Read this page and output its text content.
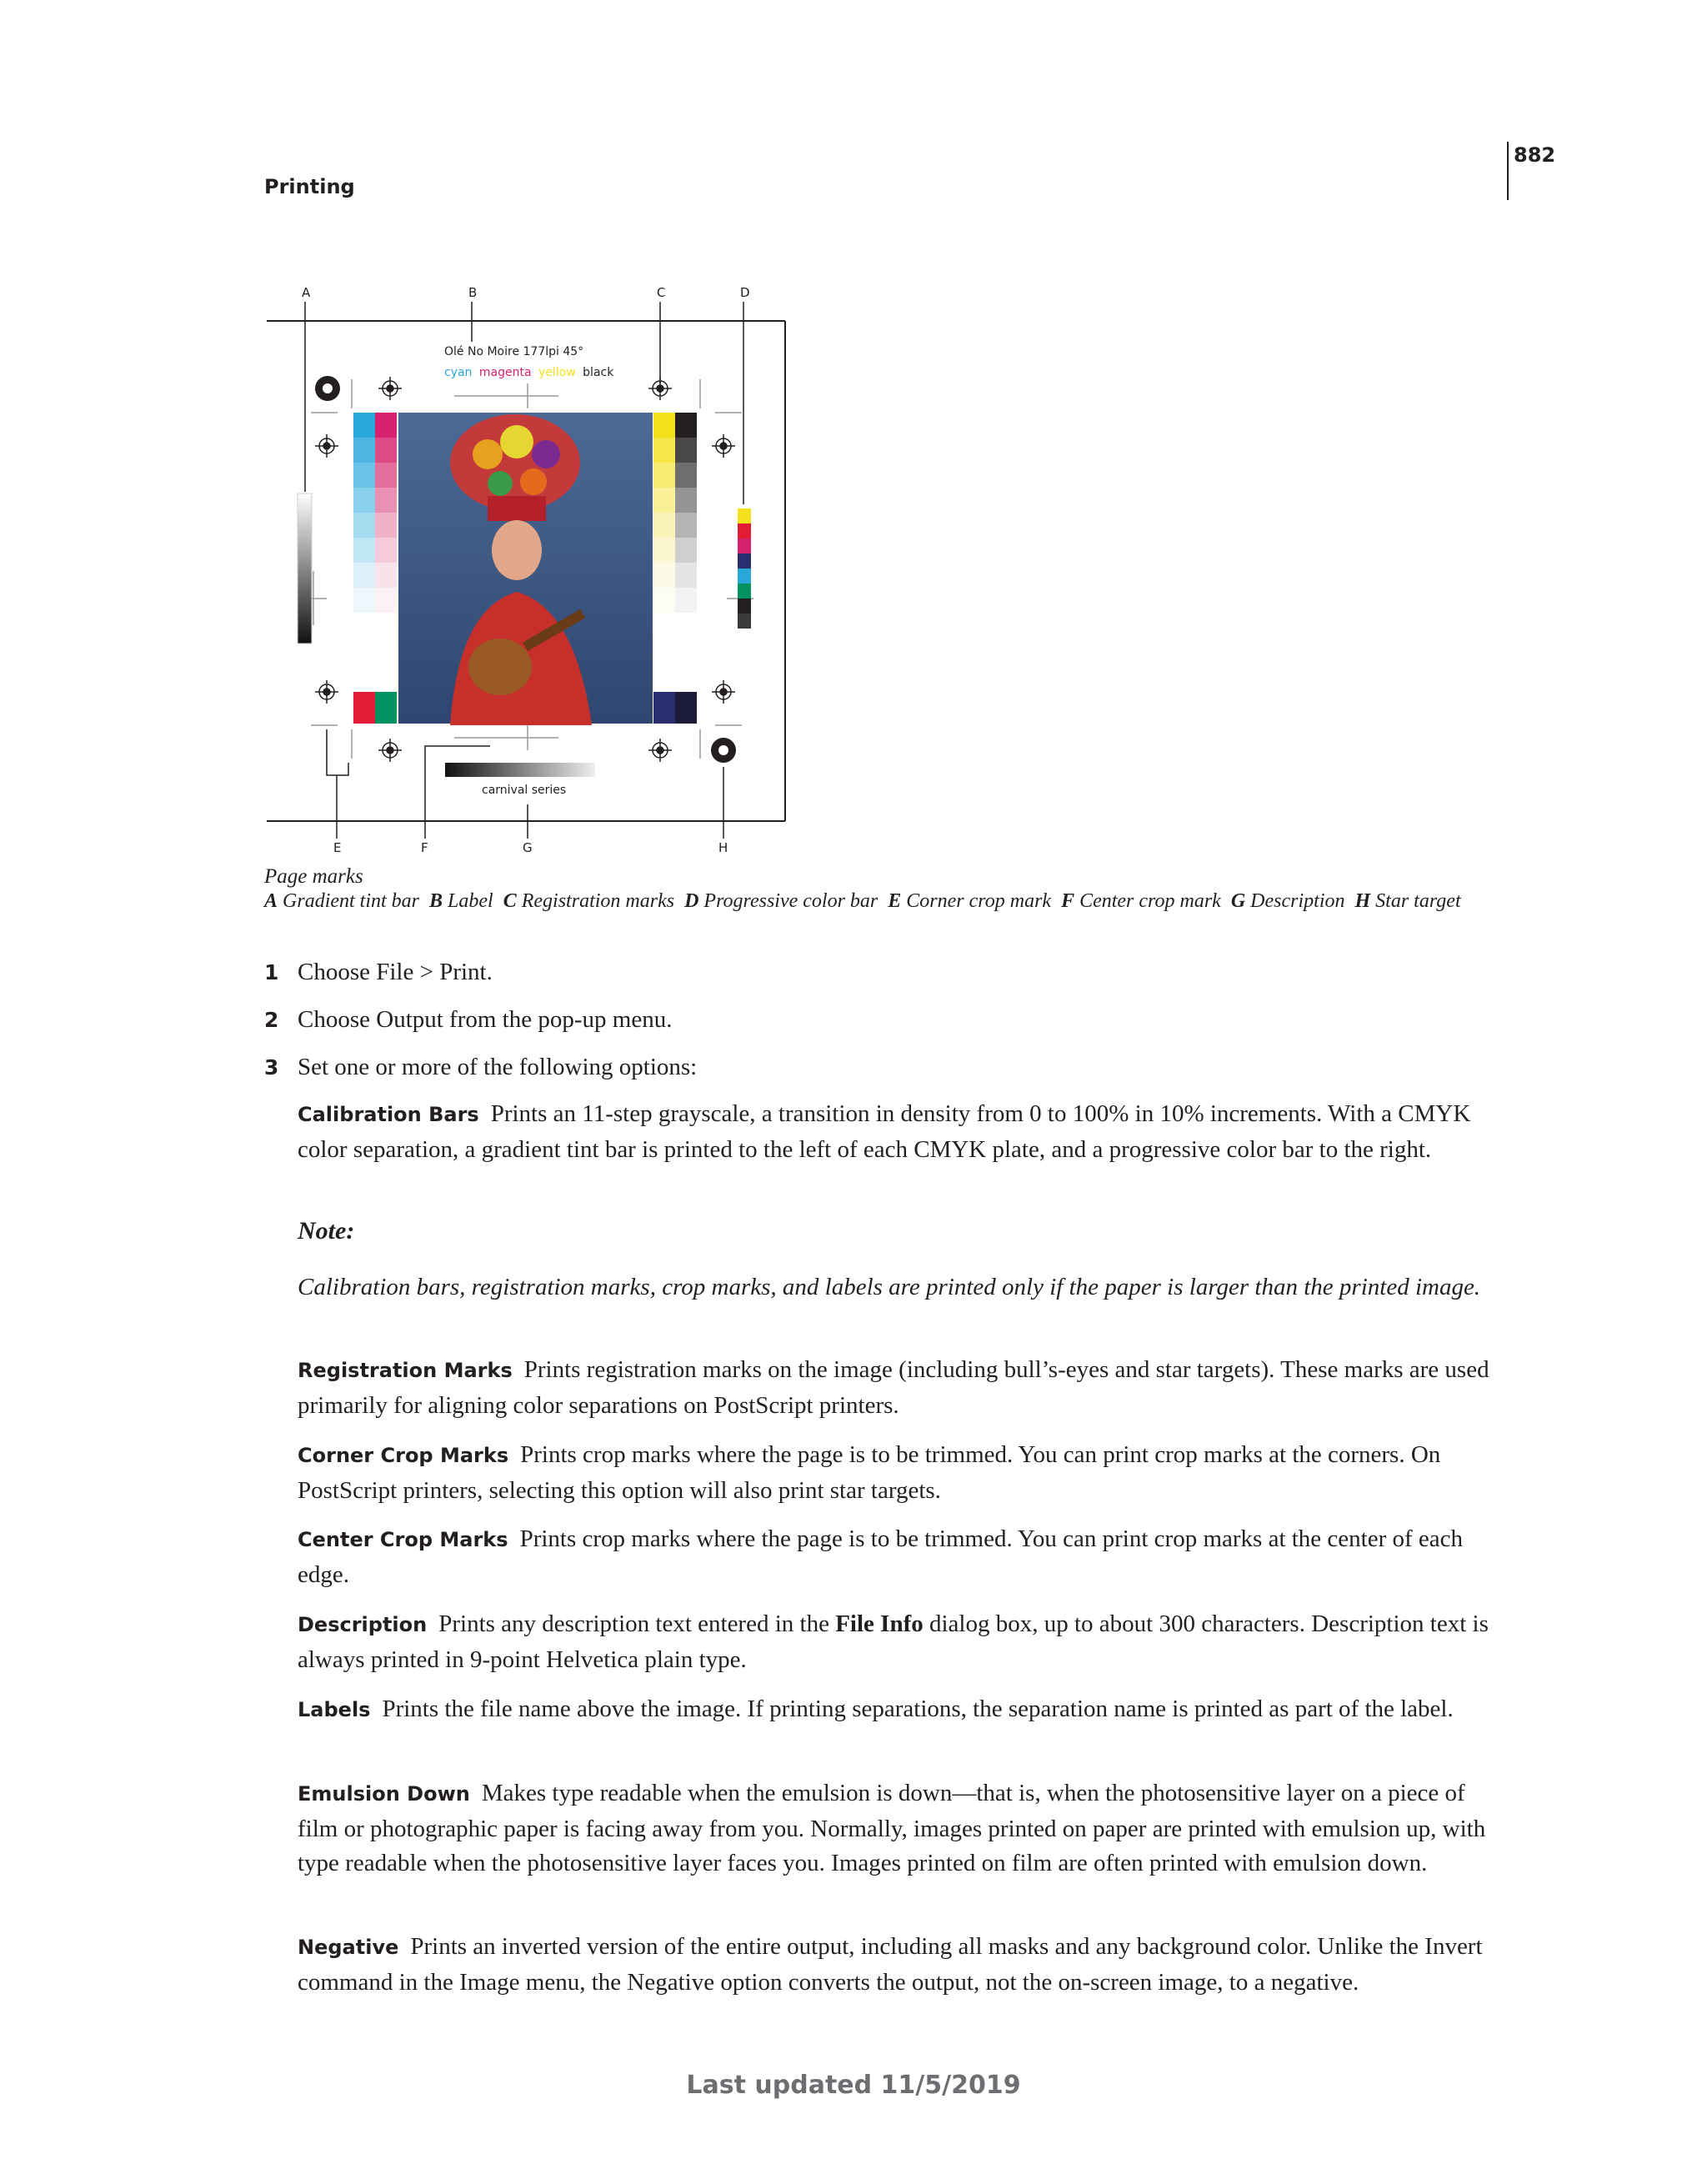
882
Printing
A	B	C	D
E	F	G	H
Olé No Moire 177lpi 45°
cyan magenta yellow black
carnival series
Page marks
A Gradient tint bar B Label C Registration marks D Progressive color bar E Corner crop mark F Center crop mark G Description H Star target
1 Choose File > Print.
2 Choose Output from the pop-up menu.
3 Set one or more of the following options:
Calibration Bars Prints an 11-step grayscale, a transition in density from 0 to 100% in 10% increments. With a CMYK color separation, a gradient tint bar is printed to the left of each CMYK plate, and a progressive color bar to the right.
Note:
Calibration bars, registration marks, crop marks, and labels are printed only if the paper is larger than the printed image.
Registration Marks Prints registration marks on the image (including bull’s-eyes and star targets). These marks are used primarily for aligning color separations on PostScript printers.
Corner Crop Marks Prints crop marks where the page is to be trimmed. You can print crop marks at the corners. On PostScript printers, selecting this option will also print star targets.
Center Crop Marks Prints crop marks where the page is to be trimmed. You can print crop marks at the center of each edge.
Description Prints any description text entered in the File Info dialog box, up to about 300 characters. Description text is always printed in 9-point Helvetica plain type.
Labels Prints the file name above the image. If printing separations, the separation name is printed as part of the label.
Emulsion Down Makes type readable when the emulsion is down—that is, when the photosensitive layer on a piece of film or photographic paper is facing away from you. Normally, images printed on paper are printed with emulsion up, with type readable when the photosensitive layer faces you. Images printed on film are often printed with emulsion down.
Negative Prints an inverted version of the entire output, including all masks and any background color. Unlike the Invert command in the Image menu, the Negative option converts the output, not the on-screen image, to a negative.
Last updated 11/5/2019
